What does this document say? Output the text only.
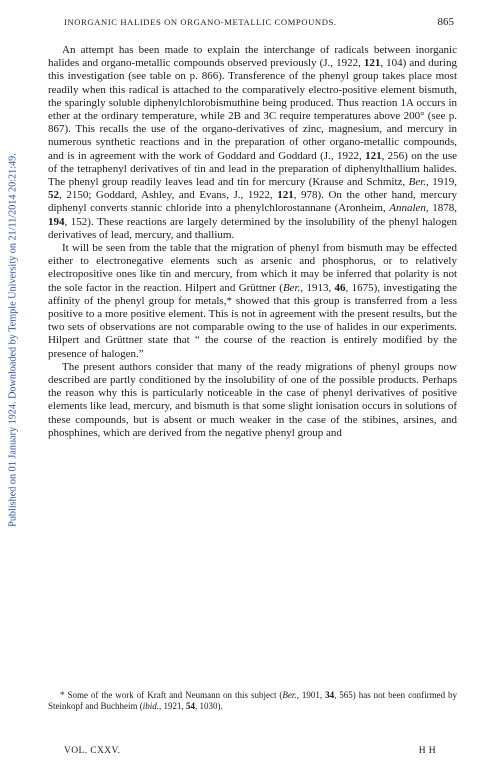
Published on 01 January 1924. Downloaded by Temple University on 21/11/2014 20:21:49.
INORGANIC HALIDES ON ORGANO-METALLIC COMPOUNDS.	865

An attempt has been made to explain the interchange of radicals between inorganic halides and organo-metallic compounds observed previously (J., 1922, 121, 104) and during this investigation (see table on p. 866). Transference of the phenyl group takes place most readily when this radical is attached to the comparatively electro-positive element bismuth, the sparingly soluble diphenylchlorobismuthine being produced. Thus reaction 1A occurs in ether at the ordinary temperature, while 2B and 3C require temperatures above 200° (see p. 867). This recalls the use of the organo-derivatives of zinc, magnesium, and mercury in numerous synthetic reactions and in the preparation of other organo-metallic compounds, and is in agreement with the work of Goddard and Goddard (J., 1922, 121, 256) on the use of the tetraphenyl derivatives of tin and lead in the preparation of diphenylthallium halides. The phenyl group readily leaves lead and tin for mercury (Krause and Schmitz, Ber., 1919, 52, 2150; Goddard, Ashley, and Evans, J., 1922, 121, 978). On the other hand, mercury diphenyl converts stannic chloride into a phenylchlorostannane (Aronheim, Annalen, 1878, 194, 152). These reactions are largely determined by the insolubility of the phenyl halogen derivatives of lead, mercury, and thallium.

It will be seen from the table that the migration of phenyl from bismuth may be effected either to electronegative elements such as arsenic and phosphorus, or to relatively electropositive ones like tin and mercury, from which it may be inferred that polarity is not the sole factor in the reaction. Hilpert and Grüttner (Ber., 1913, 46, 1675), investigating the affinity of the phenyl group for metals,* showed that this group is transferred from a less positive to a more positive element. This is not in agreement with the present results, but the two sets of observations are not comparable owing to the use of halides in our experiments. Hilpert and Grüttner state that “ the course of the reaction is entirely modified by the presence of halogen.”

The present authors consider that many of the ready migrations of phenyl groups now described are partly conditioned by the insolubility of one of the possible products. Perhaps the reason why this is particularly noticeable in the case of phenyl derivatives of positive elements like lead, mercury, and bismuth is that some slight ionisation occurs in solutions of these compounds, but is absent or much weaker in the case of the stibines, arsines, and phosphines, which are derived from the negative phenyl group and

* Some of the work of Kraft and Neumann on this subject (Ber., 1901, 34, 565) has not been confirmed by Steinkopf and Buchheim (ibid., 1921, 54, 1030).

VOL. CXXV.	H H
